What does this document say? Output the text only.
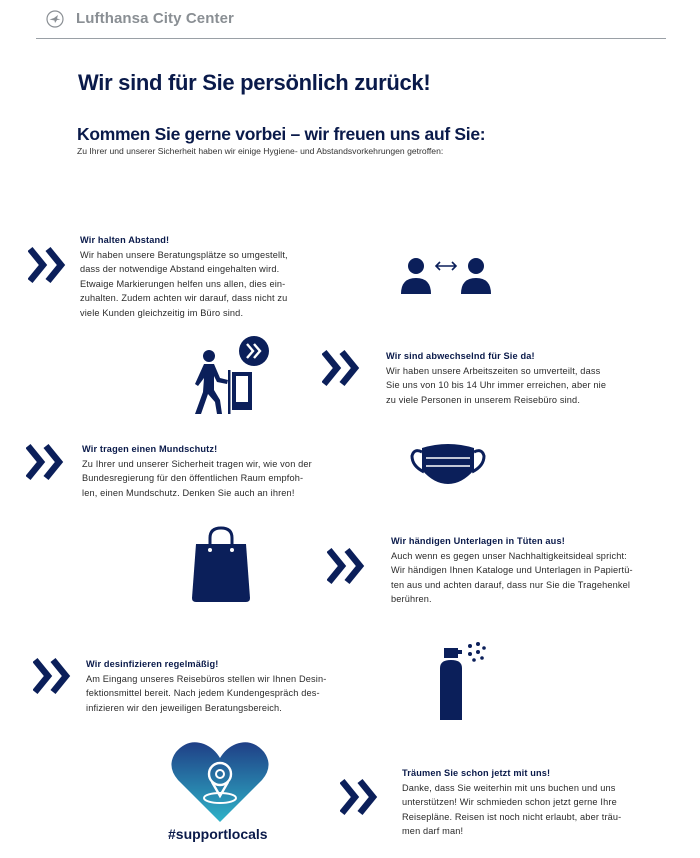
Lufthansa City Center
Wir sind für Sie persönlich zurück!
Kommen Sie gerne vorbei – wir freuen uns auf Sie:
Zu Ihrer und unserer Sicherheit haben wir einige Hygiene- und Abstandsvorkehrungen getroffen:
Wir halten Abstand!
Wir haben unsere Beratungsplätze so umgestellt,
dass der notwendige Abstand eingehalten wird.
Etwaige Markierungen helfen uns allen, dies ein-
zuhalten. Zudem achten wir darauf, dass nicht zu
viele Kunden gleichzeitig im Büro sind.
Wir sind abwechselnd für Sie da!
Wir haben unsere Arbeitszeiten so umverteilt, dass
Sie uns von 10 bis 14 Uhr immer erreichen, aber nie
zu viele Personen in unserem Reisebüro sind.
Wir tragen einen Mundschutz!
Zu Ihrer und unserer Sicherheit tragen wir, wie von der
Bundesregierung für den öffentlichen Raum empfoh-
len, einen Mundschutz. Denken Sie auch an ihren!
Wir händigen Unterlagen in Tüten aus!
Auch wenn es gegen unser Nachhaltigkeitsideal spricht:
Wir händigen Ihnen Kataloge und Unterlagen in Papiertü-
ten aus und achten darauf, dass nur Sie die Tragehenkel
berühren.
Wir desinfizieren regelmäßig!
Am Eingang unseres Reisebüros stellen wir Ihnen Desin-
fektionsmittel bereit. Nach jedem Kundengespräch des-
infizieren wir den jeweiligen Beratungsbereich.
#supportlocals
Träumen Sie schon jetzt mit uns!
Danke, dass Sie weiterhin mit uns buchen und uns
unterstützen! Wir schmieden schon jetzt gerne Ihre
Reisepläne. Reisen ist noch nicht erlaubt, aber träu-
men darf man!
